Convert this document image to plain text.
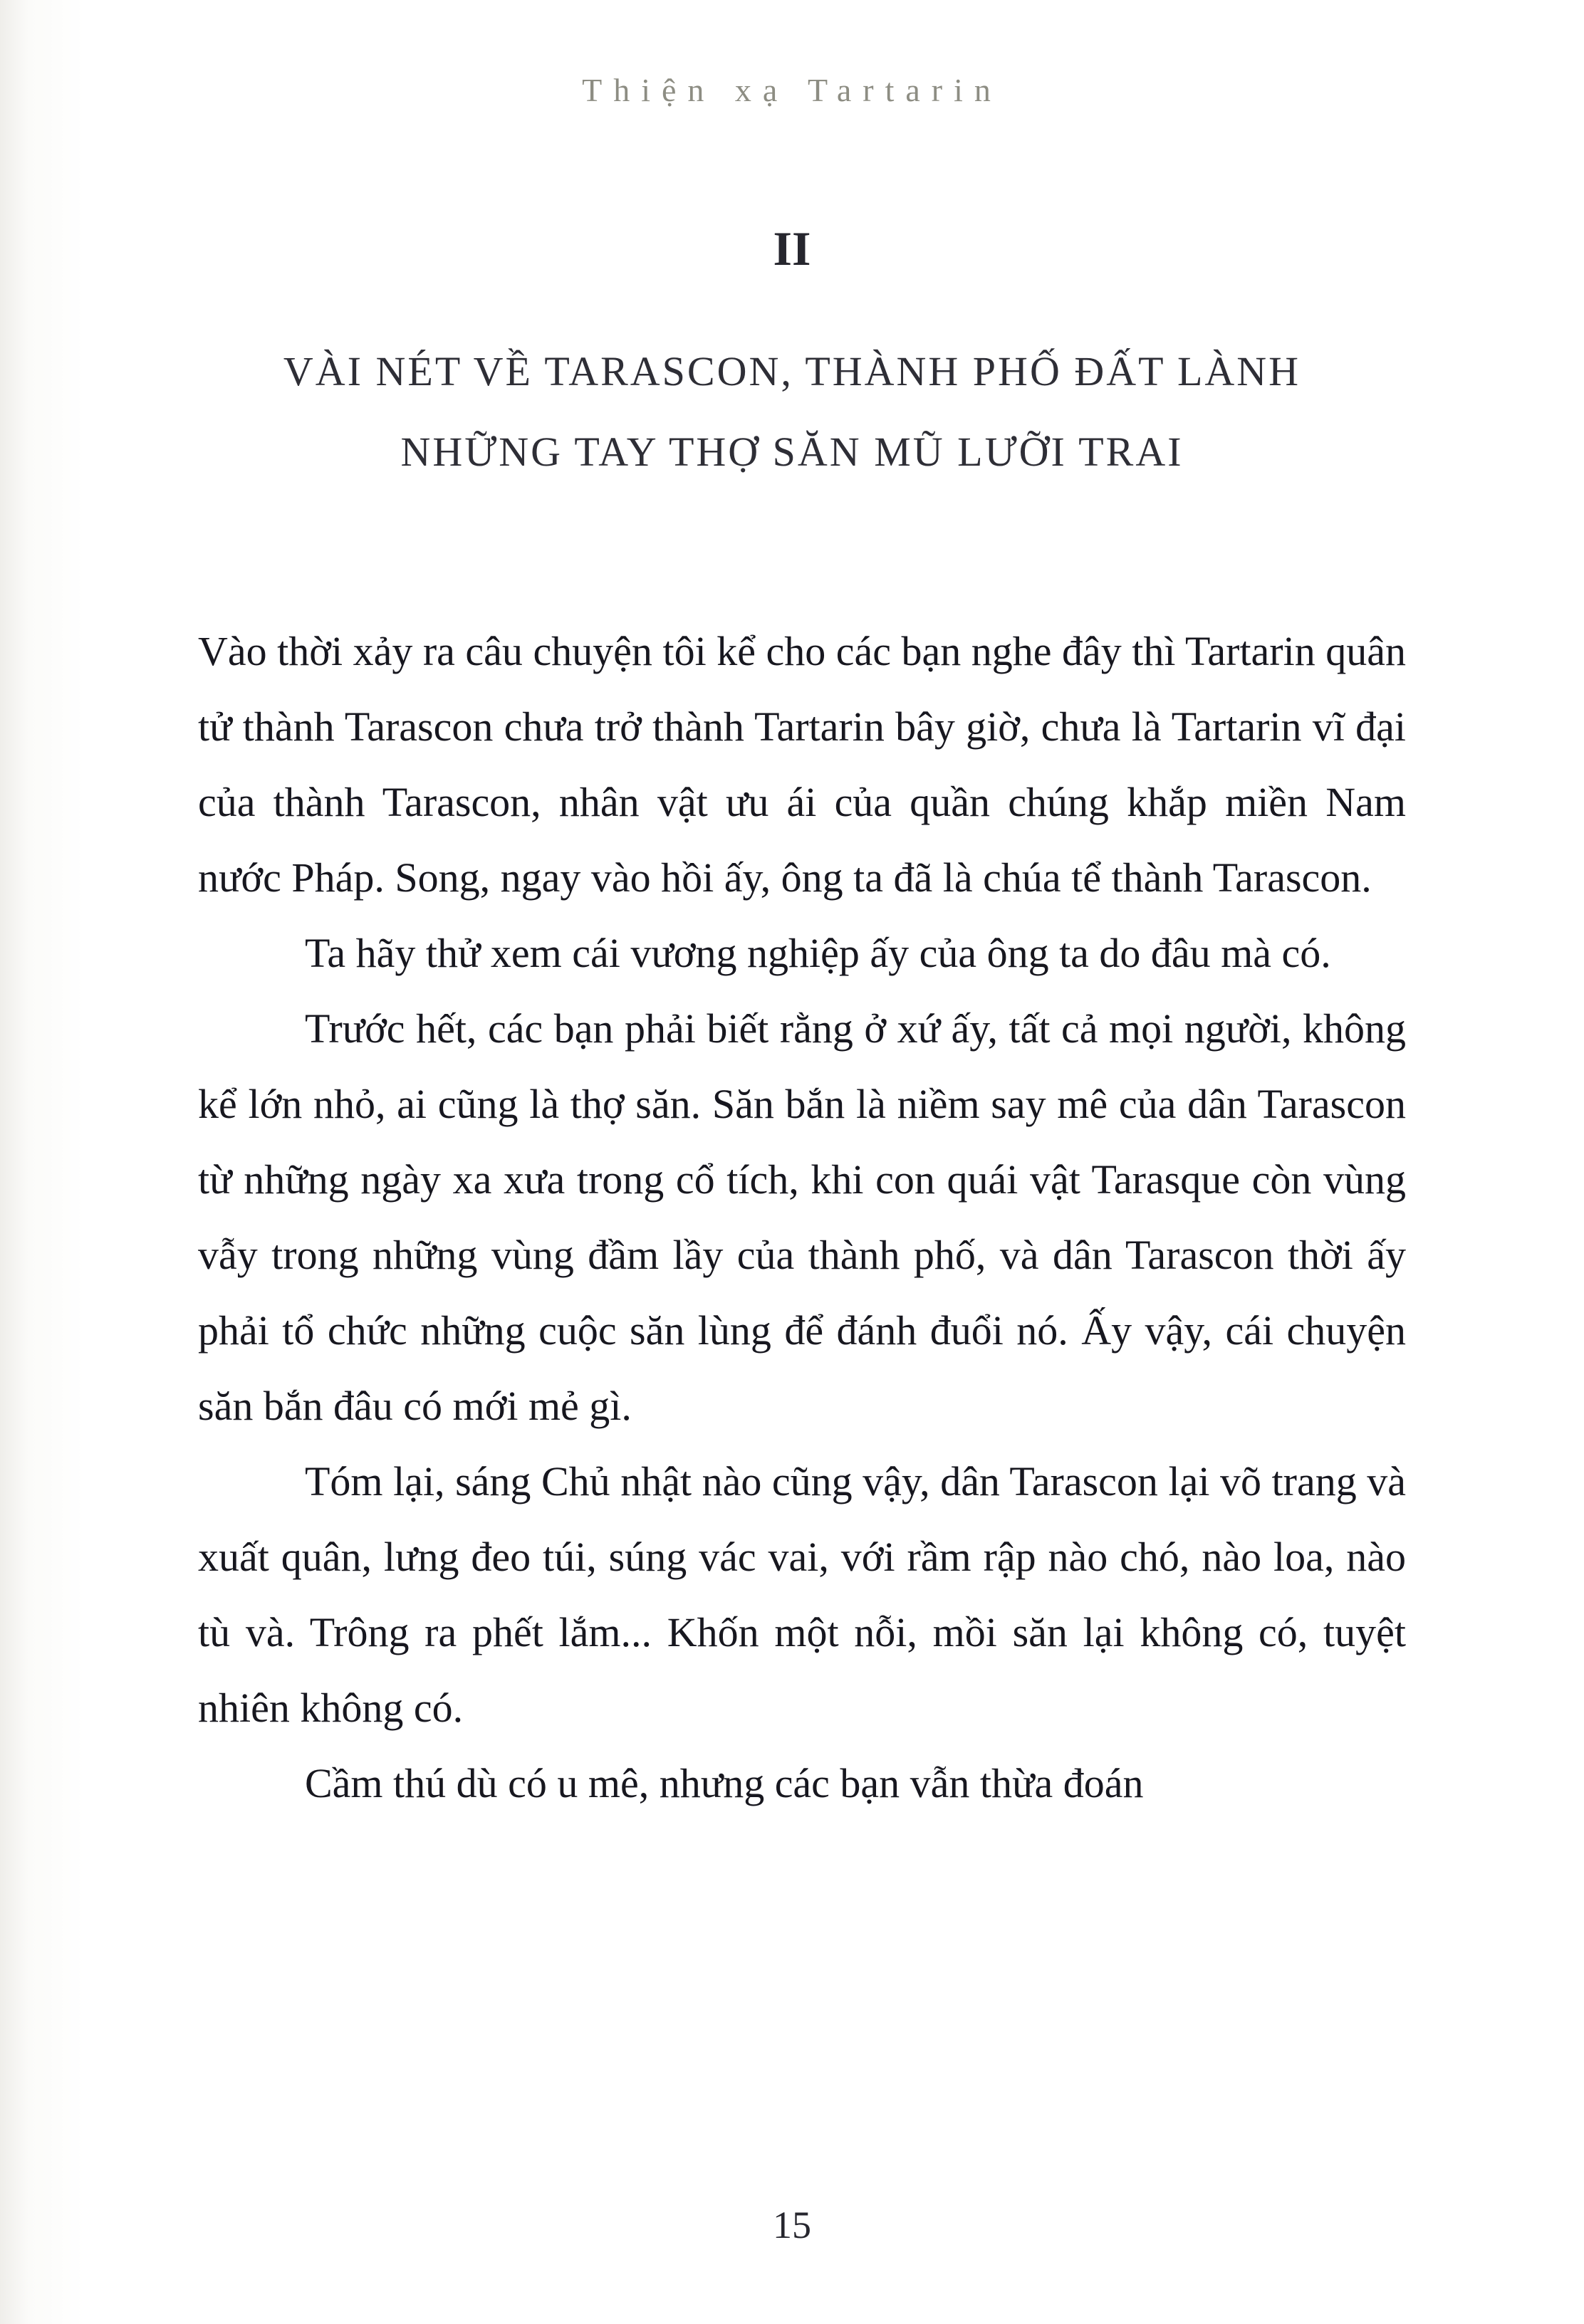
Thiện xạ Tartarin
II
VÀI NÉT VỀ TARASCON, THÀNH PHỐ ĐẤT LÀNH
NHỮNG TAY THỢ SĂN MŨ LƯỠI TRAI

Vào thời xảy ra câu chuyện tôi kể cho các bạn nghe đây thì Tartarin quân tử thành Tarascon chưa trở thành Tartarin bây giờ, chưa là Tartarin vĩ đại của thành Tarascon, nhân vật ưu ái của quần chúng khắp miền Nam nước Pháp. Song, ngay vào hồi ấy, ông ta đã là chúa tể thành Tarascon.

Ta hãy thử xem cái vương nghiệp ấy của ông ta do đâu mà có.

Trước hết, các bạn phải biết rằng ở xứ ấy, tất cả mọi người, không kể lớn nhỏ, ai cũng là thợ săn. Săn bắn là niềm say mê của dân Tarascon từ những ngày xa xưa trong cổ tích, khi con quái vật Tarasque còn vùng vẫy trong những vùng đầm lầy của thành phố, và dân Tarascon thời ấy phải tổ chức những cuộc săn lùng để đánh đuổi nó. Ấy vậy, cái chuyện săn bắn đâu có mới mẻ gì.

Tóm lại, sáng Chủ nhật nào cũng vậy, dân Tarascon lại võ trang và xuất quân, lưng đeo túi, súng vác vai, với rầm rập nào chó, nào loa, nào tù và. Trông ra phết lắm... Khốn một nỗi, mồi săn lại không có, tuyệt nhiên không có.

Cầm thú dù có u mê, nhưng các bạn vẫn thừa đoán

15
